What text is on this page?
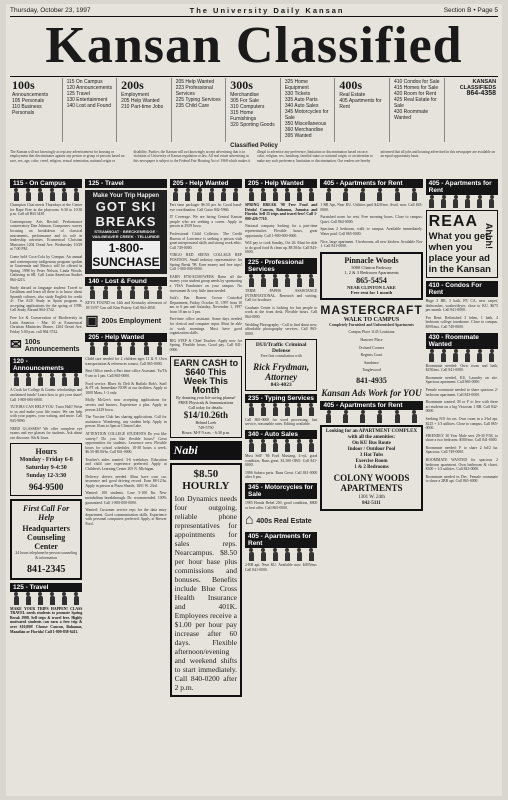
Thursday, October 23, 1997	The University Daily Kansan	Section B • Page 5
Kansan Classified
100s
Announcements
105 Personals
110 Business Personals
115 On Campus
120 Announcements
125 Travel
130 Entertainment
140 Lost and Found
200s
Employment
205 Help Wanted
210 Part-time Jobs
205 Help Wanted
223 Professional Services
225 Typing Services
235 Child Care
300s
Merchandise
305 For Sale
310 Computers
315 Home Furnishings
320 Sporting Goods
325 Home Equipment
330 Tickets
335 Auto Parts
340 Auto Sales
345 Motorcycles for Sale
350 Miscellaneous
360 Merchandise
395 Wanted
400s
Real Estate
405 Apartments for Rent
410 Condos for Sale
415 Homes for Sale
420 Room for Rent
425 Real Estate for Sale
430 Roommate Wanted
KANSAN CLASSIFIEDS
864-4358
Classified Policy
The Kansan will not knowingly accept any advertisement for housing or employment that discriminates against any person or group of persons based on race, sex, age, color, creed, religion, sexual orientation, national origin or disability. Further, the Kansan will not knowingly accept advertising that is in violation of University of Kansas regulation or law. All real estate advertising in this newspaper is subject to the Federal Fair Housing Act of 1968 which makes it illegal to advertise any preference, limitation or discrimination based on race, color, religion, sex, handicap, familial status or national origin, or an intention to make any such preference, limitation or discrimination. Our readers are hereby informed that all jobs and housing advertised in this newspaper are available on an equal opportunity basis.
115 - On Campus
Champion Chat meets Thursdays at the Center for Rape Free in the playroom. 6:30 to 10:30 p.m. Call all Hill 3430.
Contemporary Arts Recital: Performance conservatory Dan Johnson, Composers: survey focusing on breakdown of classical instruments, performance and its role in leadership activities. Ecumenical Christian Ministries 1204 Oread Ave. Wednesday 10/29 at 7:00 PM.
Come hold Coca-Cola by Campus. An annual and contemporary indigenous program spoken in Guatemala and Mexico will be offered in Spring 1998 by Peter Nelson, Linda Woods. Gathering in SR. Call Latin American Studies 864-4213.
Study abroad as language student: Travel to Castilians and learn all there is to know about Spanish cultures, also study English for credit 4+. The ACE Study in Spain program is accepting applications for the spring of 1998. Call Study Abroad 864-3742.
Free Ice & Conservation of Biodiversity in Latin America - Mar. 10 at Ecumenical Christian Ministries Dinner, 1204 Oread Ave. Friday 5:00 p.m. call 864-3742.
✉ 100s Announcements
120 - Announcements
A Cook for College & Grants: scholarships and unclaimed funds! Learn how to get your share! Call 1-800-000-0000.
TUTORS CAN HELP YOU: Tutor Hall! Write to us and make your life easier. We can help with your papers, your writing, and more. Call 843-9090.
NEED GLASSES? We offer complete eye exams and eye glasses for students. Ask about our discount. 9th & Iowa.
Hours
Monday - Friday 6-8
Saturday 9-4:30
Sunday 12-3:30
964-9500
First Call For Help
Headquarters Counseling Center
24 hours telephone/in-person counseling & information
841-2345
125 - Travel
MAKE YOUR TRIPS HAPPEN! CLASS TRAVEL needs students to promote Spring Break 1998. Sell trips & travel free. Highly motivated students can earn a free trip & over $10,000! Choose Cancun, Bahamas, Mazatlan or Florida! Call 1-800-838-6411.
125 - Travel
Make Your Trip Happen
GOT SKI BREAKS
STEAMBOAT · BRECKENRIDGE · VAIL/BEAVER CREEK · TELLURIDE
1-800-SUNCHASE
140 - Lost & Found
KEYS FOUND on 14th and Kentucky afternoon of 10/15/97 Can call Kim Pottery Call 864-4858.
▣ 200s Employment
205 - Help Wanted
Child care needed for 2 children ages 11 & 9. Own transportation & references a must. Call 865-0000.
Best Office needs a Part time office Assistant. Tu/Th 9 am to 1 pm. Call 865-0000.
Food service. Blues St. Deli & Buffalo Bob's. Staff & PT ok. Immediate NOW at our facilities. Apply at 1008 Mass, 1-3 only.
Molly McGee's now accepting applications for servers and bussers. Experience a plus. Apply in person 2429 Iowa.
The Vaccine Club has sharing applications. Call for assistance. Wondering, any student help. Apply in person 10am to 3pm at Clinton Lake.
ATTENTION COLLEGE STUDENTS Do you like variety? Do you like flexible hours? Great opportunities for students. Lawrence area. Flexible hours for school schedules. 10-30 hours a week. $6.50-$8.00/hr. Call 841-0000.
Teacher's aides wanted. 3-6 weekdays. Education and child care experience preferred. Apply at Children's Learning Center 205 N. Michigan.
Delivery drivers needed. Must have own car, insurance and good driving record. Earn $8-12/hr. Apply in person at Pizza Shuttle, 1601 W. 23rd.
Wanted: 100 students. Lose 5-100 lbs. New metabolism breakthrough. Dr. recommended. 100% guaranteed. Call 1-800-000-0000.
Wanted: Customer service reps for the data entry department. Good communication skills. Experience with personal computers preferred. Apply at Brewer Ford.
205 - Help Wanted
Part time packager $6.50 per hr. Good hand-eye coordination. Call Gator 842-5966.
IT Coverage. We are hiring Central Kansas people who are seeking a career. Apply in person at 2929 Iowa.
Professional Child Collector. The Credit Bureau of Lawrence is seeking a person with great interpersonal skills and strong work ethic. Call 749-0000.
VIRGO RED SEENS COLLEGE REP POSITION. Small industry representative for Spring Break '98. Earn money and free trips! Call 1-800-000-0000.
EARN $750-$1500/WEEK Raise all the money your student group needs by sponsoring a VISA Fundraiser on your campus. No investment & very little time needed.
Jack's Bar. Honest Crown Custodial Department, Friday, October 31, 1997 from 10 am to 6 pm and Saturday, November 1, 1997 from 10 am to 3 pm.
Part-time office assistant: Some days needed for clerical and computer input. Must be able to work mornings. Must have good organization skills.
BIG STEP & Chief Teacher: Apply now for Spring. Flexible hours. Good pay. Call 841-0000.
EARN CASH to $640 This Week This Month
By donating your life saving plasma!
FREE Physicals & Immunizations
Call today for details:
$14/10.26th
Behind Loeb
749-5750
Hours: M-F 9 a.m. - 6:30 p.m.
Nabi
$8.50 HOURLY
Ion Dynamics needs four outgoing, reliable phone representatives for appointments for sales reps. Nearcampus. $8.50 per hour base plus commissions and bonuses. Benefits include Blue Cross Health Insurance and 401K. Employees receive a $1.00 per hour pay increase after 60 days. Flexible afternoon/evening and weekend shifts to start immediately. Call 840-0200 after 2 p.m.
205 - Help Wanted
SPRING BREAK '98 Free Food and Drinks! Cancun, Bahamas, Jamaica and Florida. Sell 15 trips and travel free! Call 1-800-426-7710.
National company looking for a part-time representative. Flexible hours, great opportunity. Call 1-800-000-0000.
Will pay to cook Sunday, Oct 26. Must be able to do good food & clean up. $8.50/hr. Call 843-0000.
225 - Professional Services
TERM PAPER ASSISTANCE INTERNATIONAL. Research and writing. Call for brochure.
Graduate Center is looking for fun people to work at the front desk. Flexible hours. Call 864-0000.
Wedding Photography - Call to find about new, affordable photography services. Call 865-0000.
DUI/Traffic Criminal Defense
Free first consultation with
Rick Frydman, Attorney
843-4023
235 - Typing Services
Call 865-0000 for word processing, fast service, reasonable rates. Editing available.
340 - Auto Sales
Must Sell! '86 Ford Mustang, 4-cyl, good condition. Runs great. $1,500 OBO. Call 841-0000.
1986 Subaru parts. Runs Great. Call 841-0000 after 6 pm.
345 - Motorcycles for Sale
1985 Honda Rebel 250, good condition, $800 or best offer. Call 865-0000.
⌂ 400s Real Estate
405 - Apartments for Rent
2-BR apt, Near KU. Available now. $495/mo. Call 841-0000.
405 - Apartments for Rent
1 BR Apt, Near KU. Utilities paid $420/mo. Avail. now. Call 843-0000.
Furnished room for rent. Free morning hours. Close to campus. Quiet. Call 864-0000.
Spacious 2 bedroom, walk to campus. Available immediately. Water paid. Call 865-0000.
Nice, large apartment. 3 bedrooms, all new kitchen. Available Nov 1. Call 841-0000.
Pinnacle Woods
5000 Clinton Parkway
1, 2 & 3 Bedroom Apartments
865-5454
NEAR CLINTON LAKE
Free rent for 1 month
MASTERCRAFT
WALK TO CAMPUS
Completely Furnished and Unfurnished Apartments
Campus Place 1145 Louisiana
Hanover Place
Orchard Corners
Regents Court
Sundance
Tanglewood
841-4935
Kansan Ads Work for YOU
405 - Apartments for Rent
Looking for an APARTMENT COMPLEX with all the amenities:
On KU Bus Route
Indoor / Outdoor Pool
3 Hot Tubs
Exercise Room
1 & 2 Bedrooms
COLONY WOODS APARTMENTS
1301 W. 24th
842-5111
405 - Apartments for Rent
REAA
What you get when you place your ad in the Kansan
Ahhh!
410 - Condos For Rent
Huge 3 BR, 3 bath, FP, CA, new carpet, dishwasher, washer/dryer, close to KU. $675 per month. Call 841-0000.
For Rent: Refinished 3 bdrm, 1 bath, 4 bedroom college townhome. Close to campus. $595/mo. Call 749-0000.
430 - Roommate Wanted
Roommate needed: Own room and bath, $250/mo. Call 841-0000.
Roommate needed, KU, Laundry on site. Spacious apartment. Call 865-0000.
Female roommate needed to share spacious 2-bedroom apartment. Call 843-0000.
Roommate wanted. M or F to live with three art students on a big Victorian 1 BR. Call 842-0000.
Seeking N/S for rm. Own room in a 3-bd apt. $225 + 1/3 utilities. Close to campus. Call 865-0000.
FRIENDLY 30 Year Male sees 20-30 F/M, to share a two bedroom. $500/mo. Call 841-0000.
Roommate needed: F to share 2 bd/2 ba. Spacious. Call 749-0000.
ROOMMATE WANTED for spacious 2 bedroom apartment. Own bathroom & closet. $300 + 1/2 utilities. Call 843-0000.
Roommate needed in Dec. Female roommate to share a 2BR apt. Call 865-0000.
